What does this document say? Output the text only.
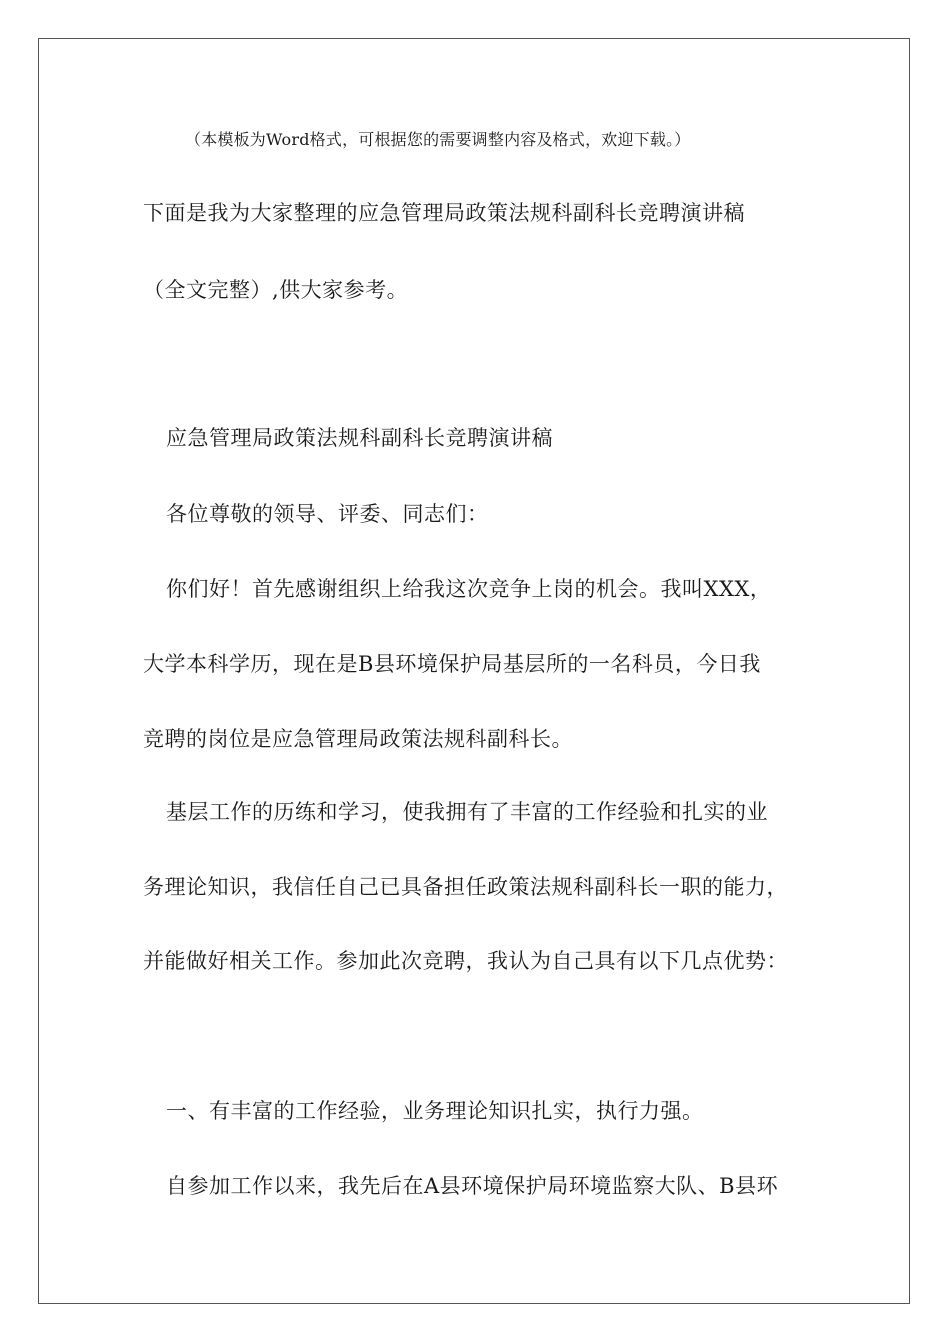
（本模板为Word格式，可根据您的需要调整内容及格式，欢迎下载。）
下面是我为大家整理的应急管理局政策法规科副科长竞聘演讲稿
（全文完整）,供大家参考。
应急管理局政策法规科副科长竞聘演讲稿
各位尊敬的领导、评委、同志们：
你们好！首先感谢组织上给我这次竞争上岗的机会。我叫XXX，
大学本科学历，现在是B县环境保护局基层所的一名科员，今日我
竞聘的岗位是应急管理局政策法规科副科长。
基层工作的历练和学习，使我拥有了丰富的工作经验和扎实的业
务理论知识，我信任自己已具备担任政策法规科副科长一职的能力，
并能做好相关工作。参加此次竞聘，我认为自己具有以下几点优势：
一、有丰富的工作经验，业务理论知识扎实，执行力强。
自参加工作以来，我先后在A县环境保护局环境监察大队、B县环
